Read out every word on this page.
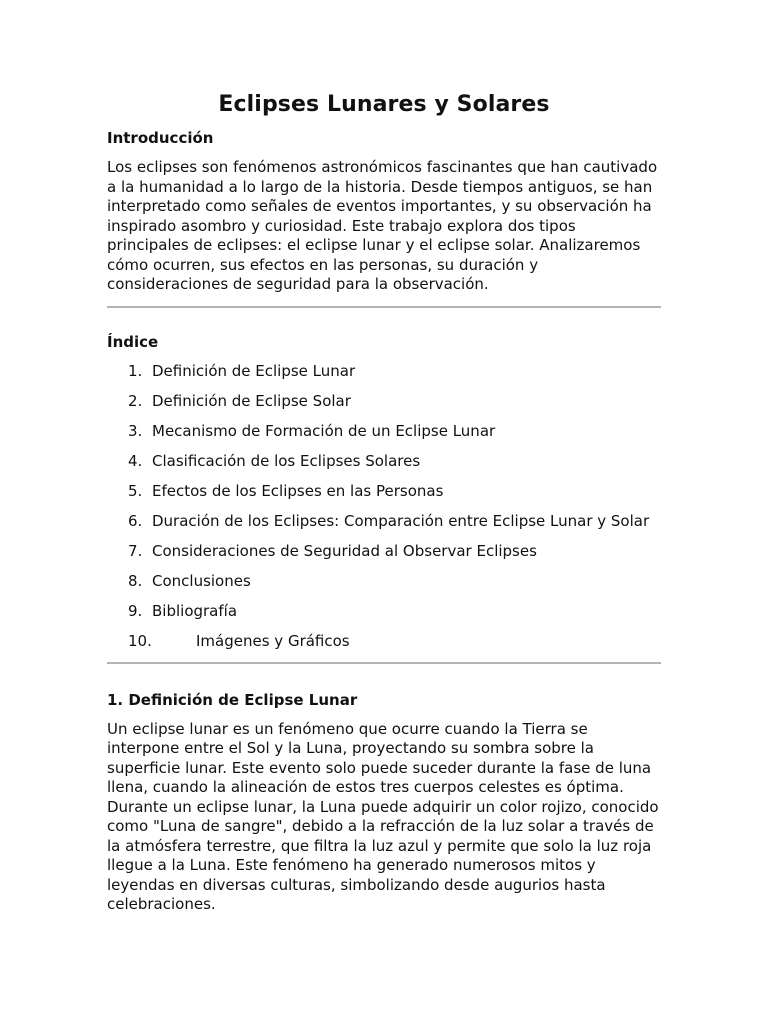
Eclipses Lunares y Solares
Introducción

Los eclipses son fenómenos astronómicos fascinantes que han cautivado a la humanidad a lo largo de la historia. Desde tiempos antiguos, se han interpretado como señales de eventos importantes, y su observación ha inspirado asombro y curiosidad. Este trabajo explora dos tipos principales de eclipses: el eclipse lunar y el eclipse solar. Analizaremos cómo ocurren, sus efectos en las personas, su duración y consideraciones de seguridad para la observación.

Índice
1. Definición de Eclipse Lunar
2. Definición de Eclipse Solar
3. Mecanismo de Formación de un Eclipse Lunar
4. Clasificación de los Eclipses Solares
5. Efectos de los Eclipses en las Personas
6. Duración de los Eclipses: Comparación entre Eclipse Lunar y Solar
7. Consideraciones de Seguridad al Observar Eclipses
8. Conclusiones
9. Bibliografía
10.	Imágenes y Gráficos
1. Definición de Eclipse Lunar

Un eclipse lunar es un fenómeno que ocurre cuando la Tierra se interpone entre el Sol y la Luna, proyectando su sombra sobre la superficie lunar. Este evento solo puede suceder durante la fase de luna llena, cuando la alineación de estos tres cuerpos celestes es óptima. Durante un eclipse lunar, la Luna puede adquirir un color rojizo, conocido como "Luna de sangre", debido a la refracción de la luz solar a través de la atmósfera terrestre, que filtra la luz azul y permite que solo la luz roja llegue a la Luna. Este fenómeno ha generado numerosos mitos y leyendas en diversas culturas, simbolizando desde augurios hasta celebraciones.
